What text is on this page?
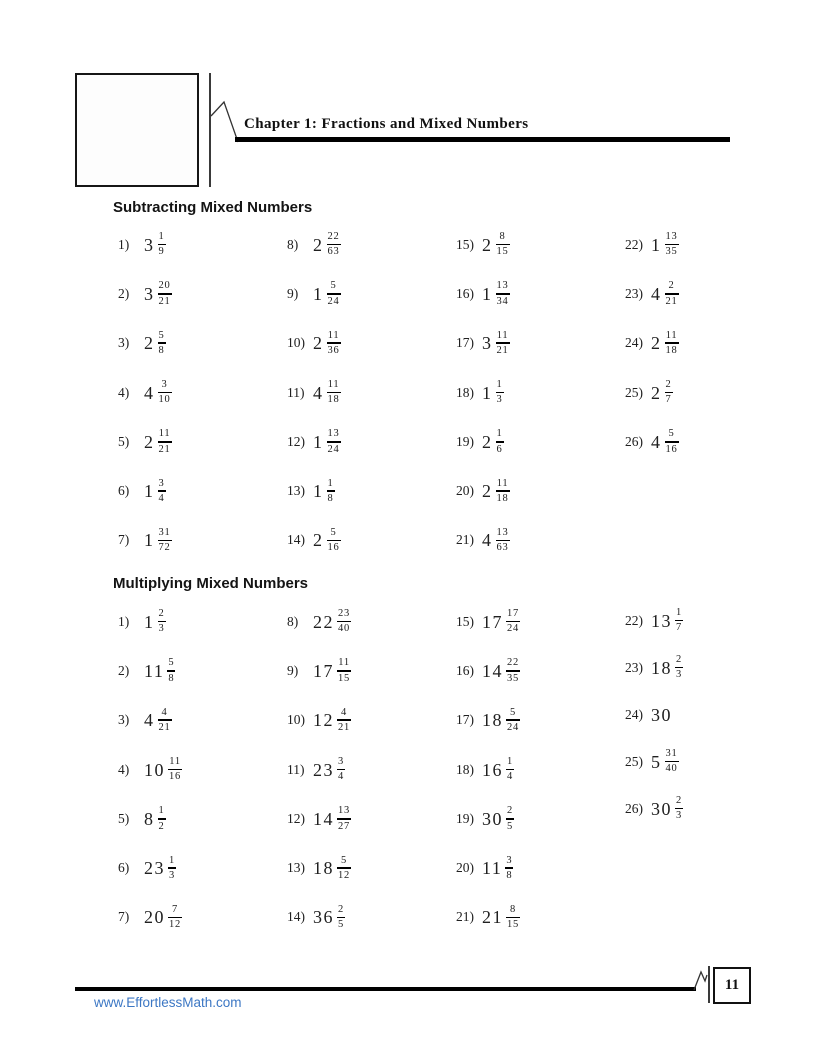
Chapter 1: Fractions and Mixed Numbers
Subtracting Mixed Numbers
1) $3 \frac{1}{9}$
2) $3 \frac{20}{21}$
3) $2 \frac{5}{8}$
4) $4 \frac{3}{10}$
5) $2 \frac{11}{21}$
6) $1 \frac{3}{4}$
7) $1 \frac{31}{72}$
8) $2 \frac{22}{63}$
9) $1 \frac{5}{24}$
10) $2 \frac{11}{36}$
11) $4 \frac{11}{18}$
12) $1 \frac{13}{24}$
13) $1 \frac{1}{8}$
14) $2 \frac{5}{16}$
15) $2 \frac{8}{15}$
16) $1 \frac{13}{34}$
17) $3 \frac{11}{21}$
18) $1 \frac{1}{3}$
19) $2 \frac{1}{6}$
20) $2 \frac{11}{18}$
21) $4 \frac{13}{63}$
22) $1 \frac{13}{35}$
23) $4 \frac{2}{21}$
24) $2 \frac{11}{18}$
25) $2 \frac{2}{7}$
26) $4 \frac{5}{16}$
Multiplying Mixed Numbers
1) $1 \frac{2}{3}$
2) $11 \frac{5}{8}$
3) $4 \frac{4}{21}$
4) $10 \frac{11}{16}$
5) $8 \frac{1}{2}$
6) $23 \frac{1}{3}$
7) $20 \frac{7}{12}$
8) $22 \frac{23}{40}$
9) $17 \frac{11}{15}$
10) $12 \frac{4}{21}$
11) $23 \frac{3}{4}$
12) $14 \frac{13}{27}$
13) $18 \frac{5}{12}$
14) $36 \frac{2}{5}$
15) $17 \frac{17}{24}$
16) $14 \frac{22}{35}$
17) $18 \frac{5}{24}$
18) $16 \frac{1}{4}$
19) $30 \frac{2}{5}$
20) $11 \frac{3}{8}$
21) $21 \frac{8}{15}$
22) $13 \frac{1}{7}$
23) $18 \frac{2}{3}$
24) 30
25) $5 \frac{31}{40}$
26) $30 \frac{2}{3}$
11
www.EffortlessMath.com
